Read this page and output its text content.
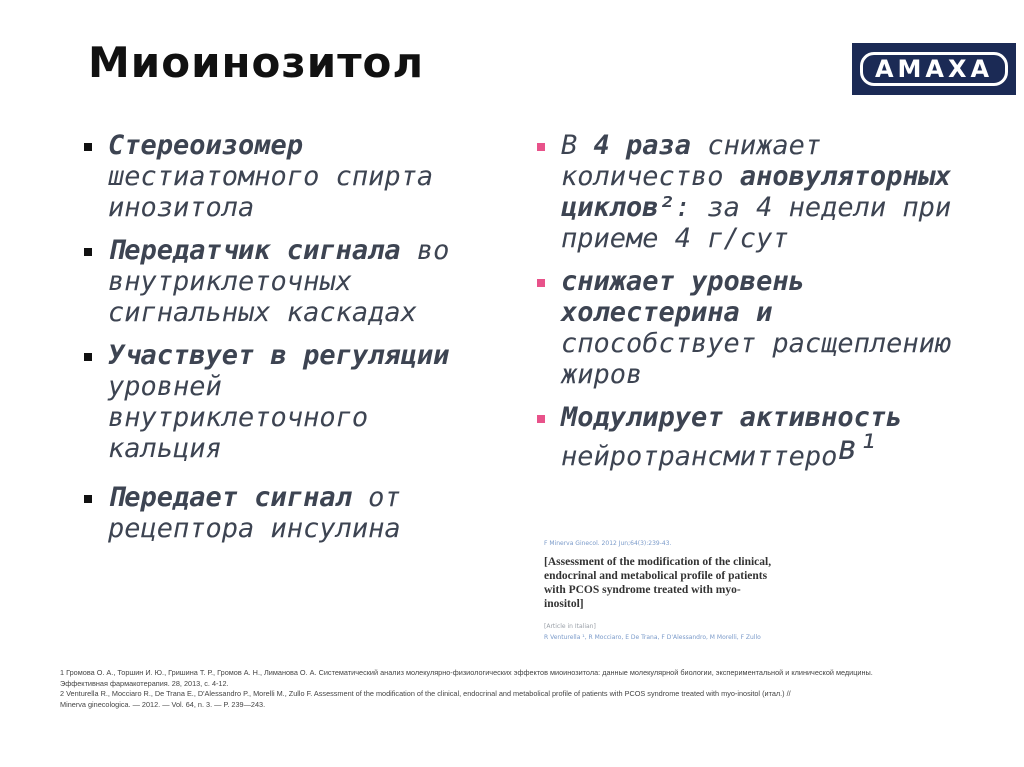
Миоинозитол	AMAXA
Стереоизомер
шестиатомного спирта инозитола
Передатчик сигнала во внутриклеточных сигнальных каскадах
Участвует в регуляции уровней внутриклеточного кальция
Передает сигнал от рецептора инсулина
В 4 раза снижает количество ановуляторных циклов²: за 4 недели при приеме 4 г/сут
снижает уровень холестерина и способствует расщеплению жиров
Модулирует активность нейротрансмиттеров¹
F Minerva Ginecol. 2012 Jun;64(3):239-43.
[Assessment of the modification of the clinical, endocrinal and metabolical profile of patients with PCOS syndrome treated with myo-inositol]
[Article in Italian]
R Venturella ¹, R Mocciaro, E De Trana, F D'Alessandro, M Morelli, F Zullo
1 Громова О. А., Торшин И. Ю., Гришина Т. Р., Громов А. Н., Лиманова О. А. Систематический анализ молекулярно-физиологических эффектов миоинозитола: данные молекулярной биологии, экспериментальной и клинической медицины.
Эффективная фармакотерапия. 28, 2013, с. 4-12.
2 Venturella R., Mocciaro R., De Trana E., D'Alessandro P., Morelli M., Zullo F. Assessment of the modification of the clinical, endocrinal and metabolical profile of patients with PCOS syndrome treated with myo-inositol (итал.) //
Minerva ginecologica. — 2012. — Vol. 64, n. 3. — P. 239—243.
